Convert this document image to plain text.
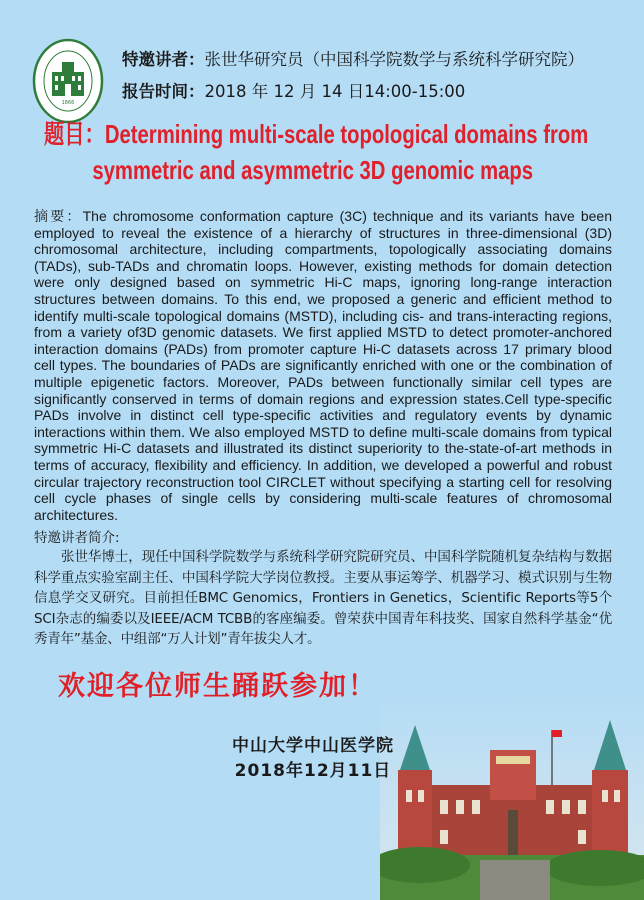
1866
特邀讲者：张世华研究员（中国科学院数学与系统科学研究院）
报告时间：2018 年 12 月 14 日14:00-15:00
题目：Determining multi-scale topological domains from
symmetric and asymmetric 3D genomic maps
摘要：The chromosome conformation capture (3C) technique and its variants have been employed to reveal the existence of a hierarchy of structures in three-dimensional (3D) chromosomal architecture, including compartments, topologically associating domains (TADs), sub-TADs and chromatin loops. However, existing methods for domain detection were only designed based on symmetric Hi-C maps, ignoring long-range interaction structures between domains. To this end, we proposed a generic and efficient method to identify multi-scale topological domains (MSTD), including cis- and trans-interacting regions, from a variety of3D genomic datasets. We first applied MSTD to detect promoter-anchored interaction domains (PADs) from promoter capture Hi-C datasets across 17 primary blood cell types. The boundaries of PADs are significantly enriched with one or the combination of multiple epigenetic factors. Moreover, PADs between functionally similar cell types are significantly conserved in terms of domain regions and expression states.Cell type-specific PADs involve in distinct cell type-specific activities and regulatory events by dynamic interactions within them. We also employed MSTD to define multi-scale domains from typical symmetric Hi-C datasets and illustrated its distinct superiority to the-state-of-art methods in terms of accuracy, flexibility and efficiency. In addition, we developed a powerful and robust circular trajectory reconstruction tool CIRCLET without specifying a starting cell for resolving cell cycle phases of single cells by considering multi-scale features of chromosomal architectures.
特邀讲者简介:
张世华博士，现任中国科学院数学与系统科学研究院研究员、中国科学院随机复杂结构与数据科学重点实验室副主任、中国科学院大学岗位教授。主要从事运筹学、机器学习、模式识别与生物信息学交叉研究。目前担任BMC Genomics，Frontiers in Genetics，Scientific Reports等5个SCI杂志的编委以及IEEE/ACM TCBB的客座编委。曾荣获中国青年科技奖、国家自然科学基金“优秀青年”基金、中组部“万人计划”青年拔尖人才。
欢迎各位师生踊跃参加！
中山大学中山医学院
2018年12月11日
